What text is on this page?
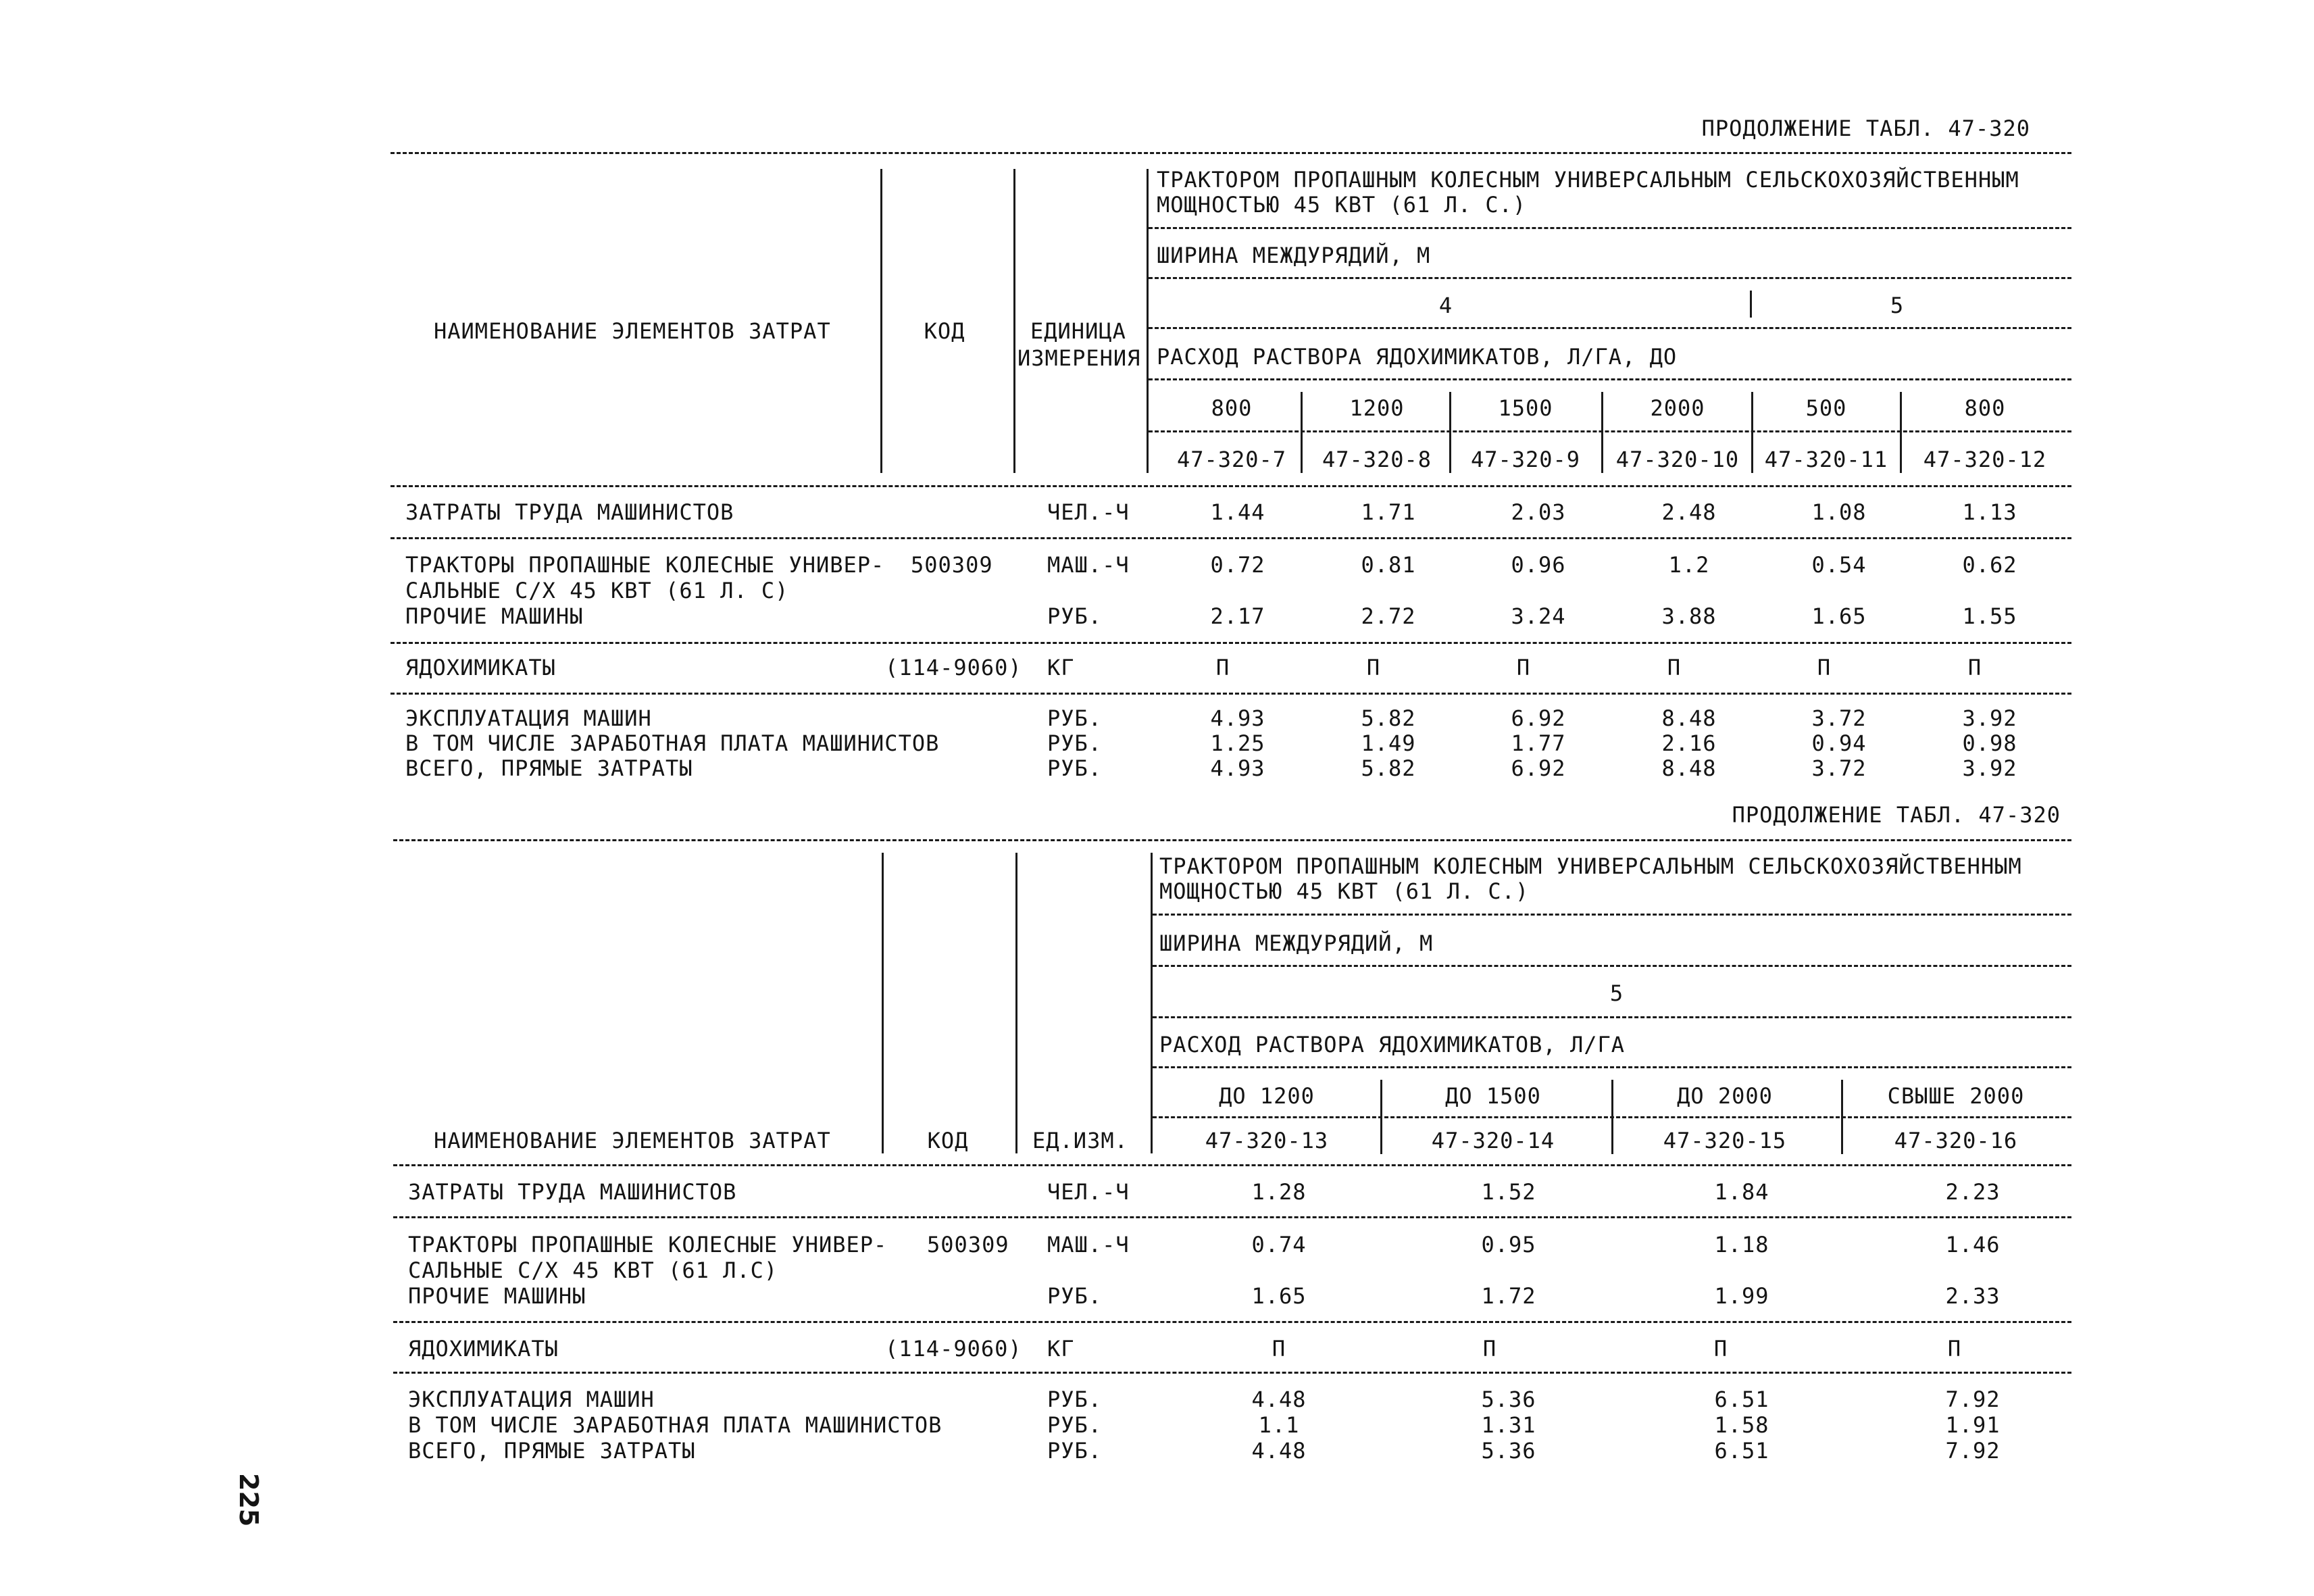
ПРОДОЛЖЕНИЕ ТАБЛ. 47-320
НАИМЕНОВАНИЕ ЭЛЕМЕНТОВ ЗАТРАТ	КОД	ЕДИНИЦА
ИЗМЕРЕНИЯ
ТРАКТОРОМ ПРОПАШНЫМ КОЛЕСНЫМ УНИВЕРСАЛЬНЫМ СЕЛЬСКОХОЗЯЙСТВЕННЫМ
МОЩНОСТЬЮ 45 КВТ (61 Л. С.)
ШИРИНА МЕЖДУРЯДИЙ, М
4	5
РАСХОД РАСТВОРА ЯДОХИМИКАТОВ, Л/ГА, ДО
800	1200	1500	2000	500	800
47-320-7 47-320-8 47-320-9 47-320-10 47-320-11 47-320-12
ЗАТРАТЫ ТРУДА МАШИНИСТОВ	ЧЕЛ.-Ч	1.44	1.71	2.03	2.48	1.08	1.13
ТРАКТОРЫ ПРОПАШНЫЕ КОЛЕСНЫЕ УНИВЕР- 500309	МАШ.-Ч	0.72	0.81	0.96	1.2	0.54	0.62
САЛЬНЫЕ С/Х 45 КВТ (61 Л. С)
ПРОЧИЕ МАШИНЫ	РУБ.	2.17	2.72	3.24	3.88	1.65	1.55
ЯДОХИМИКАТЫ	(114-9060) КГ	П	П	П	П	П	П
ЭКСПЛУАТАЦИЯ МАШИН	РУБ.	4.93	5.82	6.92	8.48	3.72	3.92
В ТОМ ЧИСЛЕ ЗАРАБОТНАЯ ПЛАТА МАШИНИСТОВ	РУБ.	1.25	1.49	1.77	2.16	0.94	0.98
ВСЕГО, ПРЯМЫЕ ЗАТРАТЫ	РУБ.	4.93	5.82	6.92	8.48	3.72	3.92
ПРОДОЛЖЕНИЕ ТАБЛ. 47-320
ТРАКТОРОМ ПРОПАШНЫМ КОЛЕСНЫМ УНИВЕРСАЛЬНЫМ СЕЛЬСКОХОЗЯЙСТВЕННЫМ
МОЩНОСТЬЮ 45 КВТ (61 Л. С.)
ШИРИНА МЕЖДУРЯДИЙ, М
5
РАСХОД РАСТВОРА ЯДОХИМИКАТОВ, Л/ГА
ДО 1200	ДО 1500	ДО 2000	СВЫШЕ 2000
НАИМЕНОВАНИЕ ЭЛЕМЕНТОВ ЗАТРАТ	КОД	ЕД.ИЗМ.	47-320-13	47-320-14	47-320-15	47-320-16
ЗАТРАТЫ ТРУДА МАШИНИСТОВ	ЧЕЛ.-Ч	1.28	1.52	1.84	2.23
ТРАКТОРЫ ПРОПАШНЫЕ КОЛЕСНЫЕ УНИВЕР- 500309 МАШ.-Ч	0.74	0.95	1.18	1.46
САЛЬНЫЕ С/Х 45 КВТ (61 Л.С)
ПРОЧИЕ МАШИНЫ	РУБ.	1.65	1.72	1.99	2.33
ЯДОХИМИКАТЫ	(114-9060) КГ	П	П	П	П
ЭКСПЛУАТАЦИЯ МАШИН	РУБ.	4.48	5.36	6.51	7.92
В ТОМ ЧИСЛЕ ЗАРАБОТНАЯ ПЛАТА МАШИНИСТОВ	РУБ.	1.1	1.31	1.58	1.91
ВСЕГО, ПРЯМЫЕ ЗАТРАТЫ	РУБ.	4.48	5.36	6.51	7.92
225
